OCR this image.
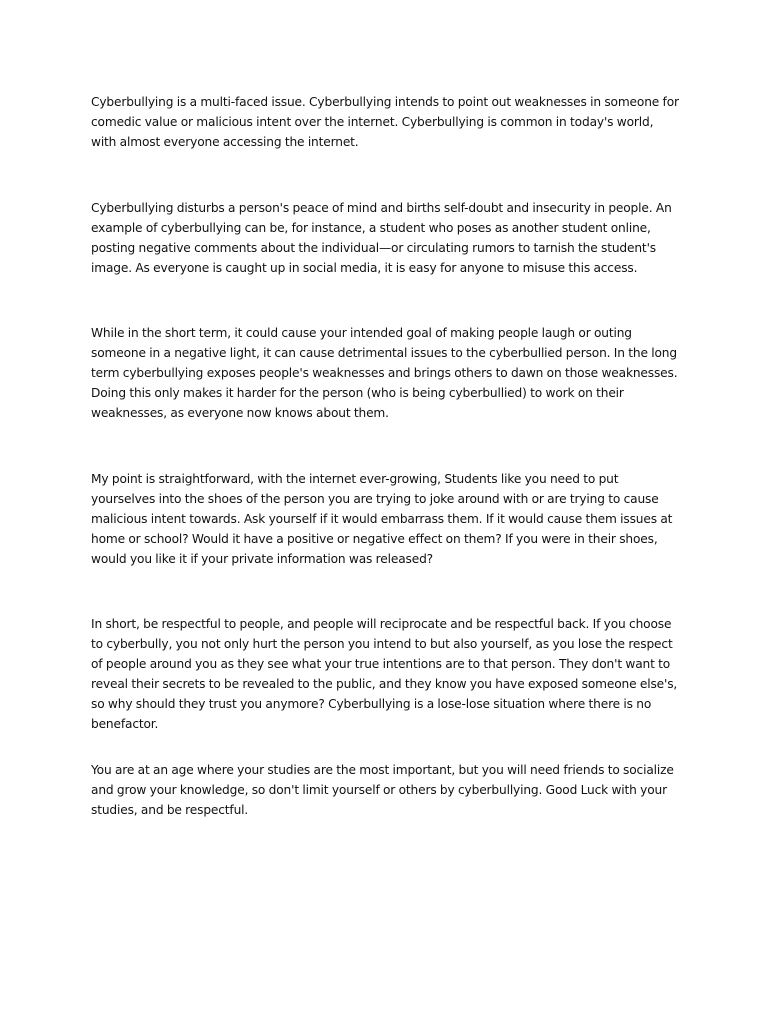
Cyberbullying is a multi-faced issue. Cyberbullying intends to point out weaknesses in someone for comedic value or malicious intent over the internet. Cyberbullying is common in today's world, with almost everyone accessing the internet.

Cyberbullying disturbs a person's peace of mind and births self-doubt and insecurity in people. An example of cyberbullying can be, for instance, a student who poses as another student online, posting negative comments about the individual—or circulating rumors to tarnish the student's image. As everyone is caught up in social media, it is easy for anyone to misuse this access.

While in the short term, it could cause your intended goal of making people laugh or outing someone in a negative light, it can cause detrimental issues to the cyberbullied person. In the long term cyberbullying exposes people's weaknesses and brings others to dawn on those weaknesses. Doing this only makes it harder for the person (who is being cyberbullied) to work on their weaknesses, as everyone now knows about them.

My point is straightforward, with the internet ever-growing, Students like you need to put yourselves into the shoes of the person you are trying to joke around with or are trying to cause malicious intent towards. Ask yourself if it would embarrass them. If it would cause them issues at home or school? Would it have a positive or negative effect on them? If you were in their shoes, would you like it if your private information was released?

In short, be respectful to people, and people will reciprocate and be respectful back. If you choose to cyberbully, you not only hurt the person you intend to but also yourself, as you lose the respect of people around you as they see what your true intentions are to that person. They don't want to reveal their secrets to be revealed to the public, and they know you have exposed someone else's, so why should they trust you anymore? Cyberbullying is a lose-lose situation where there is no benefactor.

You are at an age where your studies are the most important, but you will need friends to socialize and grow your knowledge, so don't limit yourself or others by cyberbullying. Good Luck with your studies, and be respectful.
